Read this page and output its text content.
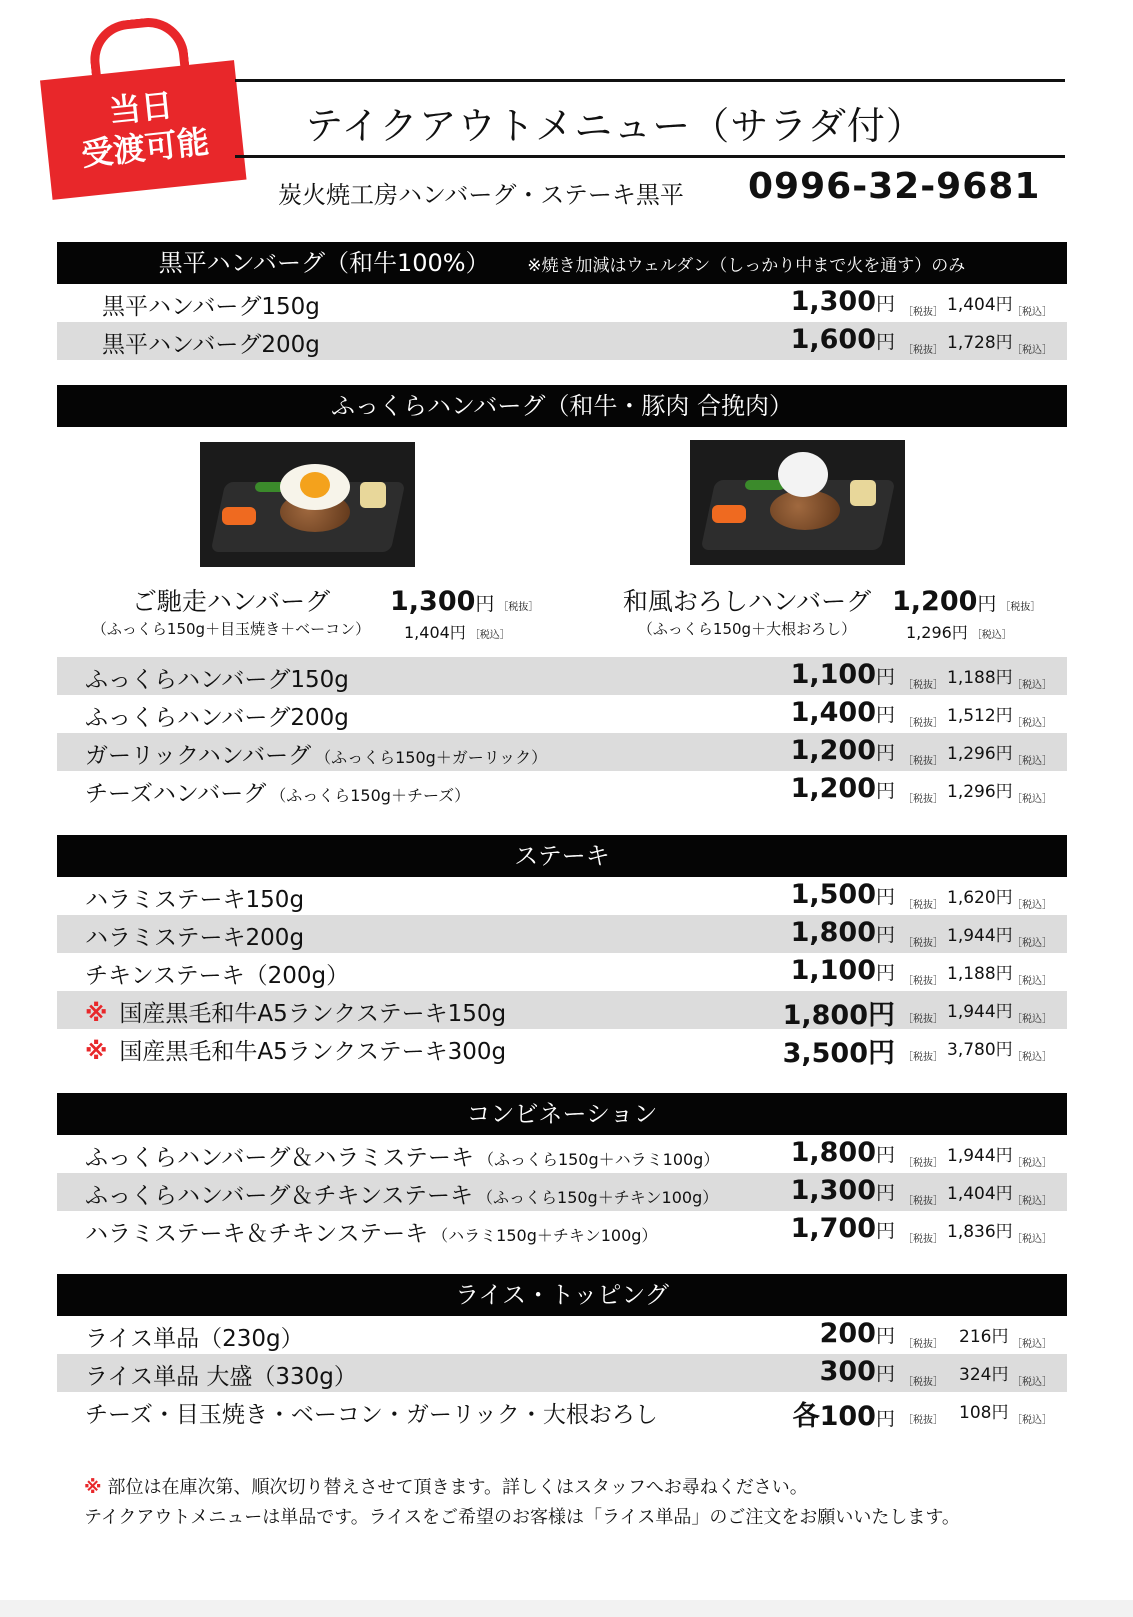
当日
受渡可能	テイクアウトメニュー（サラダ付）
炭火焼工房ハンバーグ・ステーキ黒平 0996-32-9681
黒平ハンバーグ（和牛100%） ※焼き加減はウェルダン（しっかり中まで火を通す）のみ
黒平ハンバーグ150g	1,300円 ［税抜］ 1,404円 ［税込］
黒平ハンバーグ200g	1,600円 ［税抜］ 1,728円 ［税込］
ふっくらハンバーグ（和牛・豚肉 合挽肉）
ご馳走ハンバーグ
（ふっくら150g＋目玉焼き＋ベーコン）
1,300円 ［税抜］
1,404円 ［税込］
和風おろしハンバーグ
（ふっくら150g＋大根おろし）
1,200円 ［税抜］
1,296円 ［税込］
ふっくらハンバーグ150g	1,100円 ［税抜］ 1,188円 ［税込］
ふっくらハンバーグ200g	1,400円 ［税抜］ 1,512円 ［税込］
ガーリックハンバーグ （ふっくら150g＋ガーリック）	1,200円 ［税抜］ 1,296円 ［税込］
チーズハンバーグ （ふっくら150g＋チーズ）	1,200円 ［税抜］ 1,296円 ［税込］
ステーキ
ハラミステーキ150g	1,500円 ［税抜］ 1,620円 ［税込］
ハラミステーキ200g	1,800円 ［税抜］ 1,944円 ［税込］
チキンステーキ（200g）	1,100円 ［税抜］ 1,188円 ［税込］
※ 国産黒毛和牛A5ランクステーキ150g	1,800円 ［税抜］ 1,944円 ［税込］
※ 国産黒毛和牛A5ランクステーキ300g	3,500円 ［税抜］ 3,780円 ［税込］
コンビネーション
ふっくらハンバーグ＆ハラミステーキ （ふっくら150g＋ハラミ100g）	1,800円 ［税抜］ 1,944円 ［税込］
ふっくらハンバーグ＆チキンステーキ （ふっくら150g＋チキン100g）	1,300円 ［税抜］ 1,404円 ［税込］
ハラミステーキ＆チキンステーキ （ハラミ150g＋チキン100g）	1,700円 ［税抜］ 1,836円 ［税込］
ライス・トッピング
ライス単品（230g）	200円 ［税抜］ 216円 ［税込］
ライス単品 大盛（330g）	300円 ［税抜］ 324円 ［税込］
チーズ・目玉焼き・ベーコン・ガーリック・大根おろし	各100円 ［税抜］ 108円 ［税込］
※ 部位は在庫次第、順次切り替えさせて頂きます。詳しくはスタッフへお尋ねください。
テイクアウトメニューは単品です。ライスをご希望のお客様は「ライス単品」のご注文をお願いいたします。
